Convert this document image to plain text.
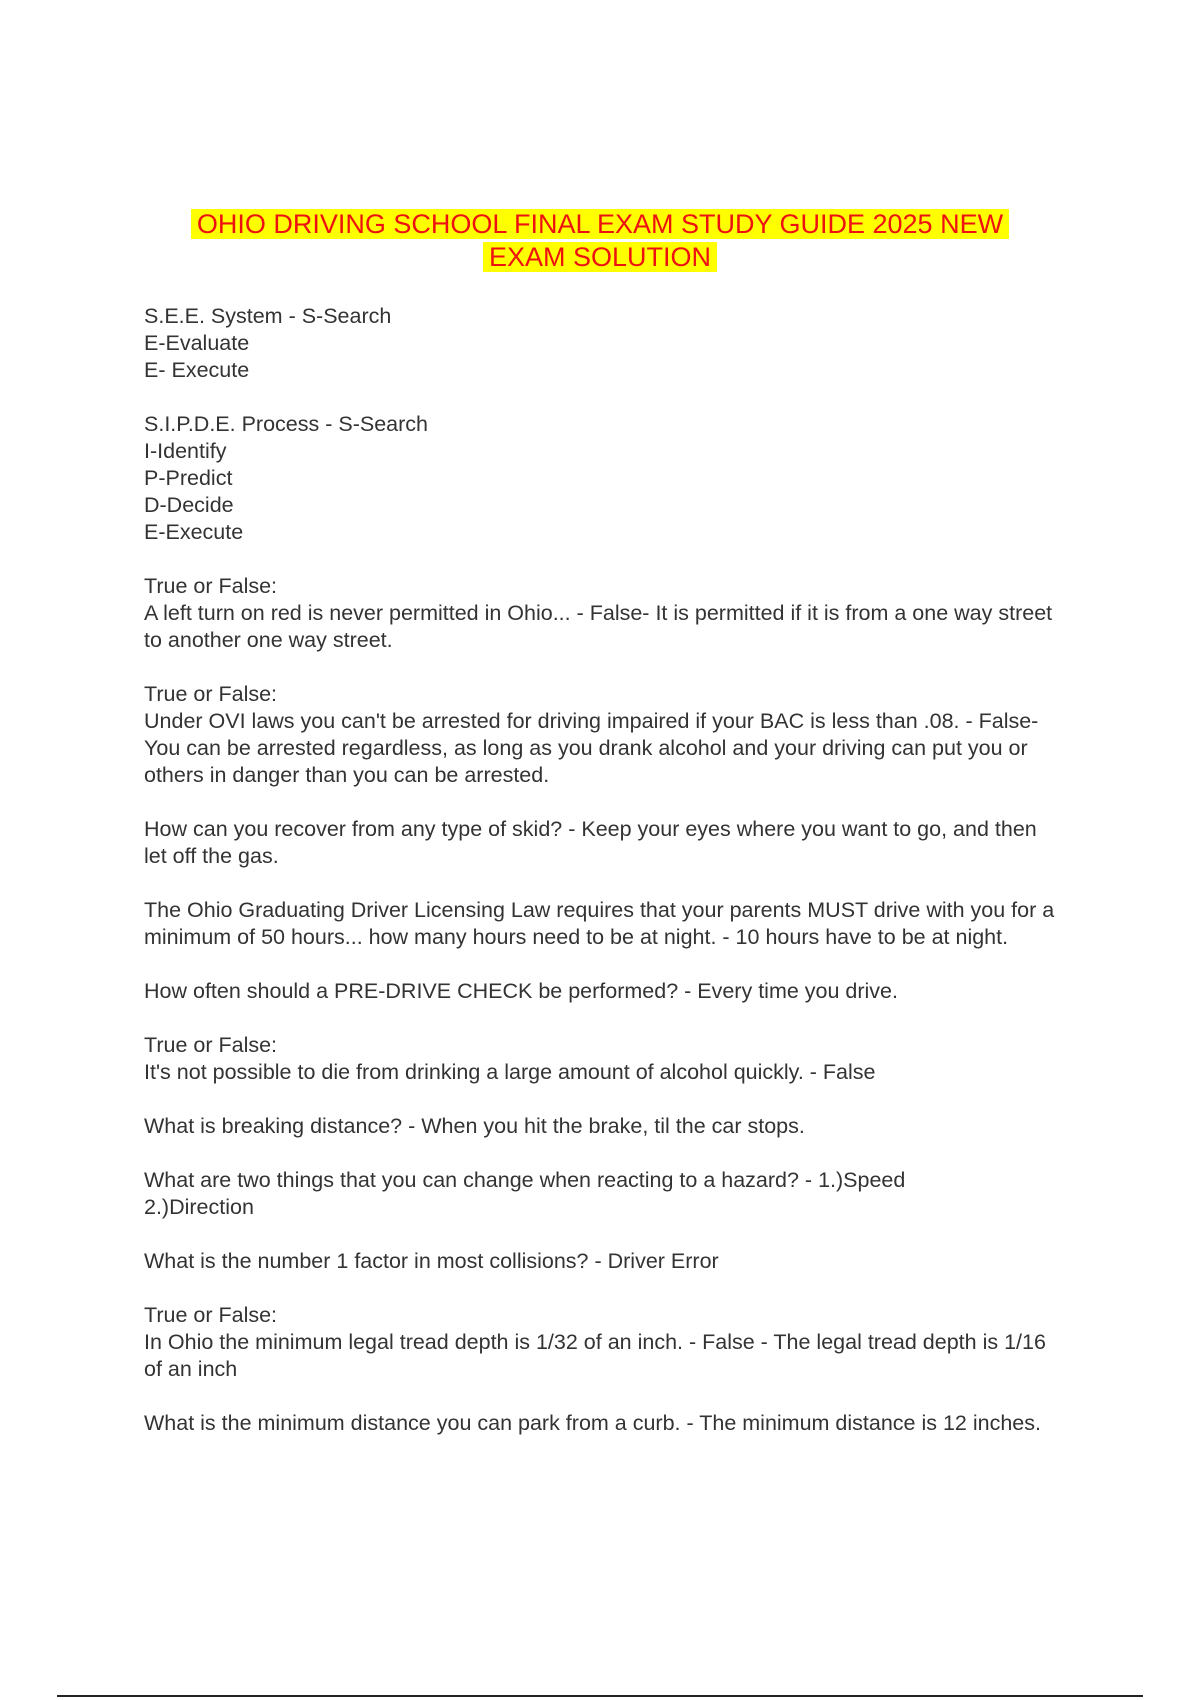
OHIO DRIVING SCHOOL FINAL EXAM STUDY GUIDE 2025 NEW
EXAM SOLUTION
S.E.E. System - S-Search
E-Evaluate
E- Execute
S.I.P.D.E. Process - S-Search
I-Identify
P-Predict
D-Decide
E-Execute
True or False:
A left turn on red is never permitted in Ohio... - False- It is permitted if it is from a one way street to another one way street.
True or False:
Under OVI laws you can't be arrested for driving impaired if your BAC is less than .08. - False- You can be arrested regardless, as long as you drank alcohol and your driving can put you or others in danger than you can be arrested.
How can you recover from any type of skid? - Keep your eyes where you want to go, and then let off the gas.
The Ohio Graduating Driver Licensing Law requires that your parents MUST drive with you for a minimum of 50 hours... how many hours need to be at night. - 10 hours have to be at night.
How often should a PRE-DRIVE CHECK be performed? - Every time you drive.
True or False:
It's not possible to die from drinking a large amount of alcohol quickly. - False
What is breaking distance? - When you hit the brake, til the car stops.
What are two things that you can change when reacting to a hazard? - 1.)Speed
2.)Direction
What is the number 1 factor in most collisions? - Driver Error
True or False:
In Ohio the minimum legal tread depth is 1/32 of an inch. - False - The legal tread depth is 1/16 of an inch
What is the minimum distance you can park from a curb. - The minimum distance is 12 inches.
